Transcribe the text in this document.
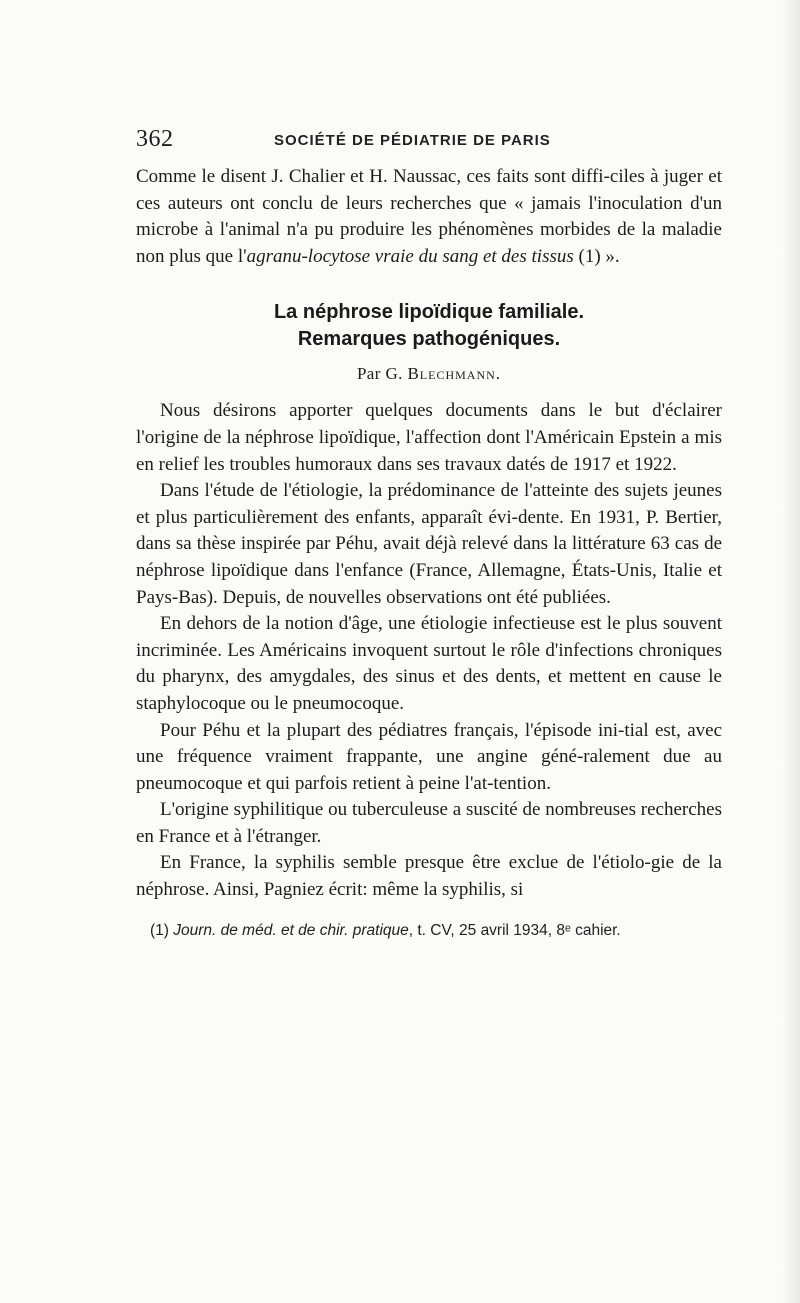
362	SOCIÉTÉ DE PÉDIATRIE DE PARIS

Comme le disent J. Chalier et H. Naussac, ces faits sont diffi-ciles à juger et ces auteurs ont conclu de leurs recherches que « jamais l'inoculation d'un microbe à l'animal n'a pu produire les phénomènes morbides de la maladie non plus que l'agranu-locytose vraie du sang et des tissus (1) ».

La néphrose lipoïdique familiale.
Remarques pathogéniques.
Par G. Blechmann.

Nous désirons apporter quelques documents dans le but d'éclairer l'origine de la néphrose lipoïdique, l'affection dont l'Américain Epstein a mis en relief les troubles humoraux dans ses travaux datés de 1917 et 1922.

Dans l'étude de l'étiologie, la prédominance de l'atteinte des sujets jeunes et plus particulièrement des enfants, apparaît évi-dente. En 1931, P. Bertier, dans sa thèse inspirée par Péhu, avait déjà relevé dans la littérature 63 cas de néphrose lipoïdique dans l'enfance (France, Allemagne, États-Unis, Italie et Pays-Bas). Depuis, de nouvelles observations ont été publiées.

En dehors de la notion d'âge, une étiologie infectieuse est le plus souvent incriminée. Les Américains invoquent surtout le rôle d'infections chroniques du pharynx, des amygdales, des sinus et des dents, et mettent en cause le staphylocoque ou le pneumocoque.

Pour Péhu et la plupart des pédiatres français, l'épisode ini-tial est, avec une fréquence vraiment frappante, une angine géné-ralement due au pneumocoque et qui parfois retient à peine l'at-tention.

L'origine syphilitique ou tuberculeuse a suscité de nombreuses recherches en France et à l'étranger.

En France, la syphilis semble presque être exclue de l'étiolo-gie de la néphrose. Ainsi, Pagniez écrit: même la syphilis, si

(1) Journ. de méd. et de chir. pratique, t. CV, 25 avril 1934, 8ᵉ cahier.
